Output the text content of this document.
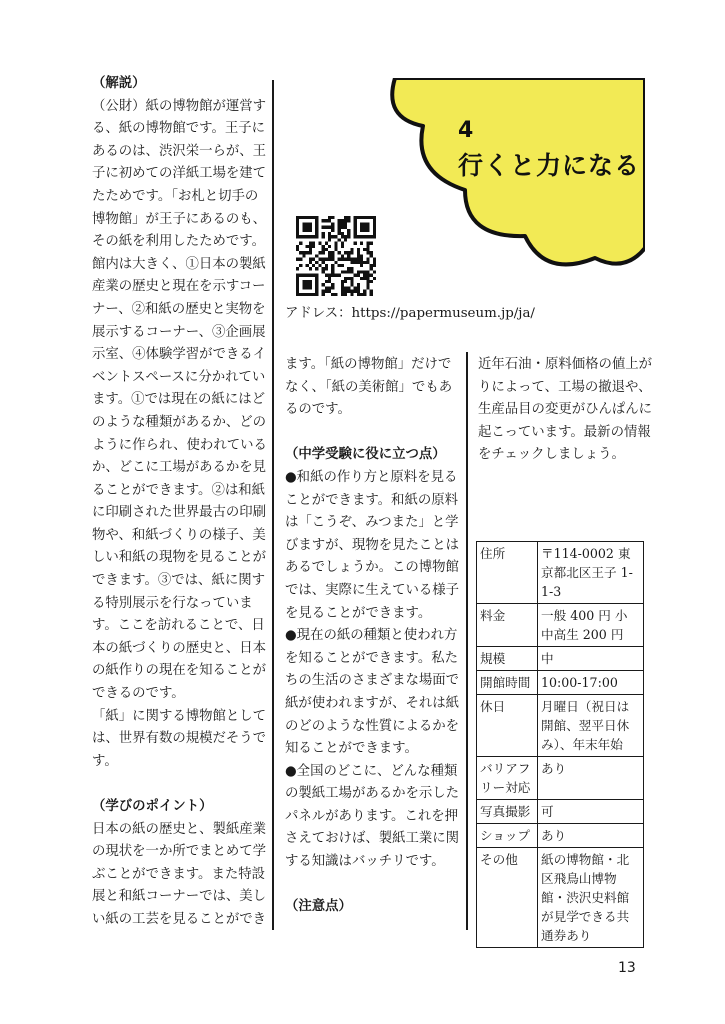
4
行くと力になる
アドレス：https://papermuseum.jp/ja/

（解説）

（公財）紙の博物館が運営す

る、紙の博物館です。王子に

あるのは、渋沢栄一らが、王

子に初めての洋紙工場を建て

たためです。「お札と切手の

博物館」が王子にあるのも、

その紙を利用したためです。

館内は大きく、①日本の製紙

産業の歴史と現在を示すコー

ナー、②和紙の歴史と実物を

展示するコーナー、③企画展

示室、④体験学習ができるイ

ベントスペースに分かれてい

ます。①では現在の紙にはど

のような種類があるか、どの

ように作られ、使われている

か、どこに工場があるかを見

ることができます。②は和紙

に印刷された世界最古の印刷

物や、和紙づくりの様子、美

しい和紙の現物を見ることが

できます。③では、紙に関す

る特別展示を行なっていま

す。ここを訪れることで、日

本の紙づくりの歴史と、日本

の紙作りの現在を知ることが

できるのです。

「紙」に関する博物館として

は、世界有数の規模だそうで

す。

（学びのポイント）

日本の紙の歴史と、製紙産業

の現状を一か所でまとめて学

ぶことができます。また特設

展と和紙コーナーでは、美し

い紙の工芸を見ることができ

ます。「紙の博物館」だけで

なく、「紙の美術館」でもあ

るのです。

（中学受験に役に立つ点）

●和紙の作り方と原料を見る

ことができます。和紙の原料

は「こうぞ、みつまた」と学

びますが、現物を見たことは

あるでしょうか。この博物館

では、実際に生えている様子

を見ることができます。

●現在の紙の種類と使われ方

を知ることができます。私た

ちの生活のさまざまな場面で

紙が使われますが、それは紙

のどのような性質によるかを

知ることができます。

●全国のどこに、どんな種類

の製紙工場があるかを示した

パネルがあります。これを押

さえておけば、製紙工業に関

する知識はバッチリです。

（注意点）

近年石油・原料価格の値上が

りによって、工場の撤退や、

生産品目の変更がひんぱんに

起こっています。最新の情報

をチェックしましょう。

住所	〒114-0002 東京都北区王子 1-1-3
料金	一般 400 円 小中高生 200 円
規模	中
開館時間	10:00-17:00
休日	月曜日（祝日は開館、翌平日休み）、年末年始
バリアフリー対応	あり
写真撮影	可
ショップ	あり
その他	紙の博物館・北区飛鳥山博物館・渋沢史料館が見学できる共通券あり
13
